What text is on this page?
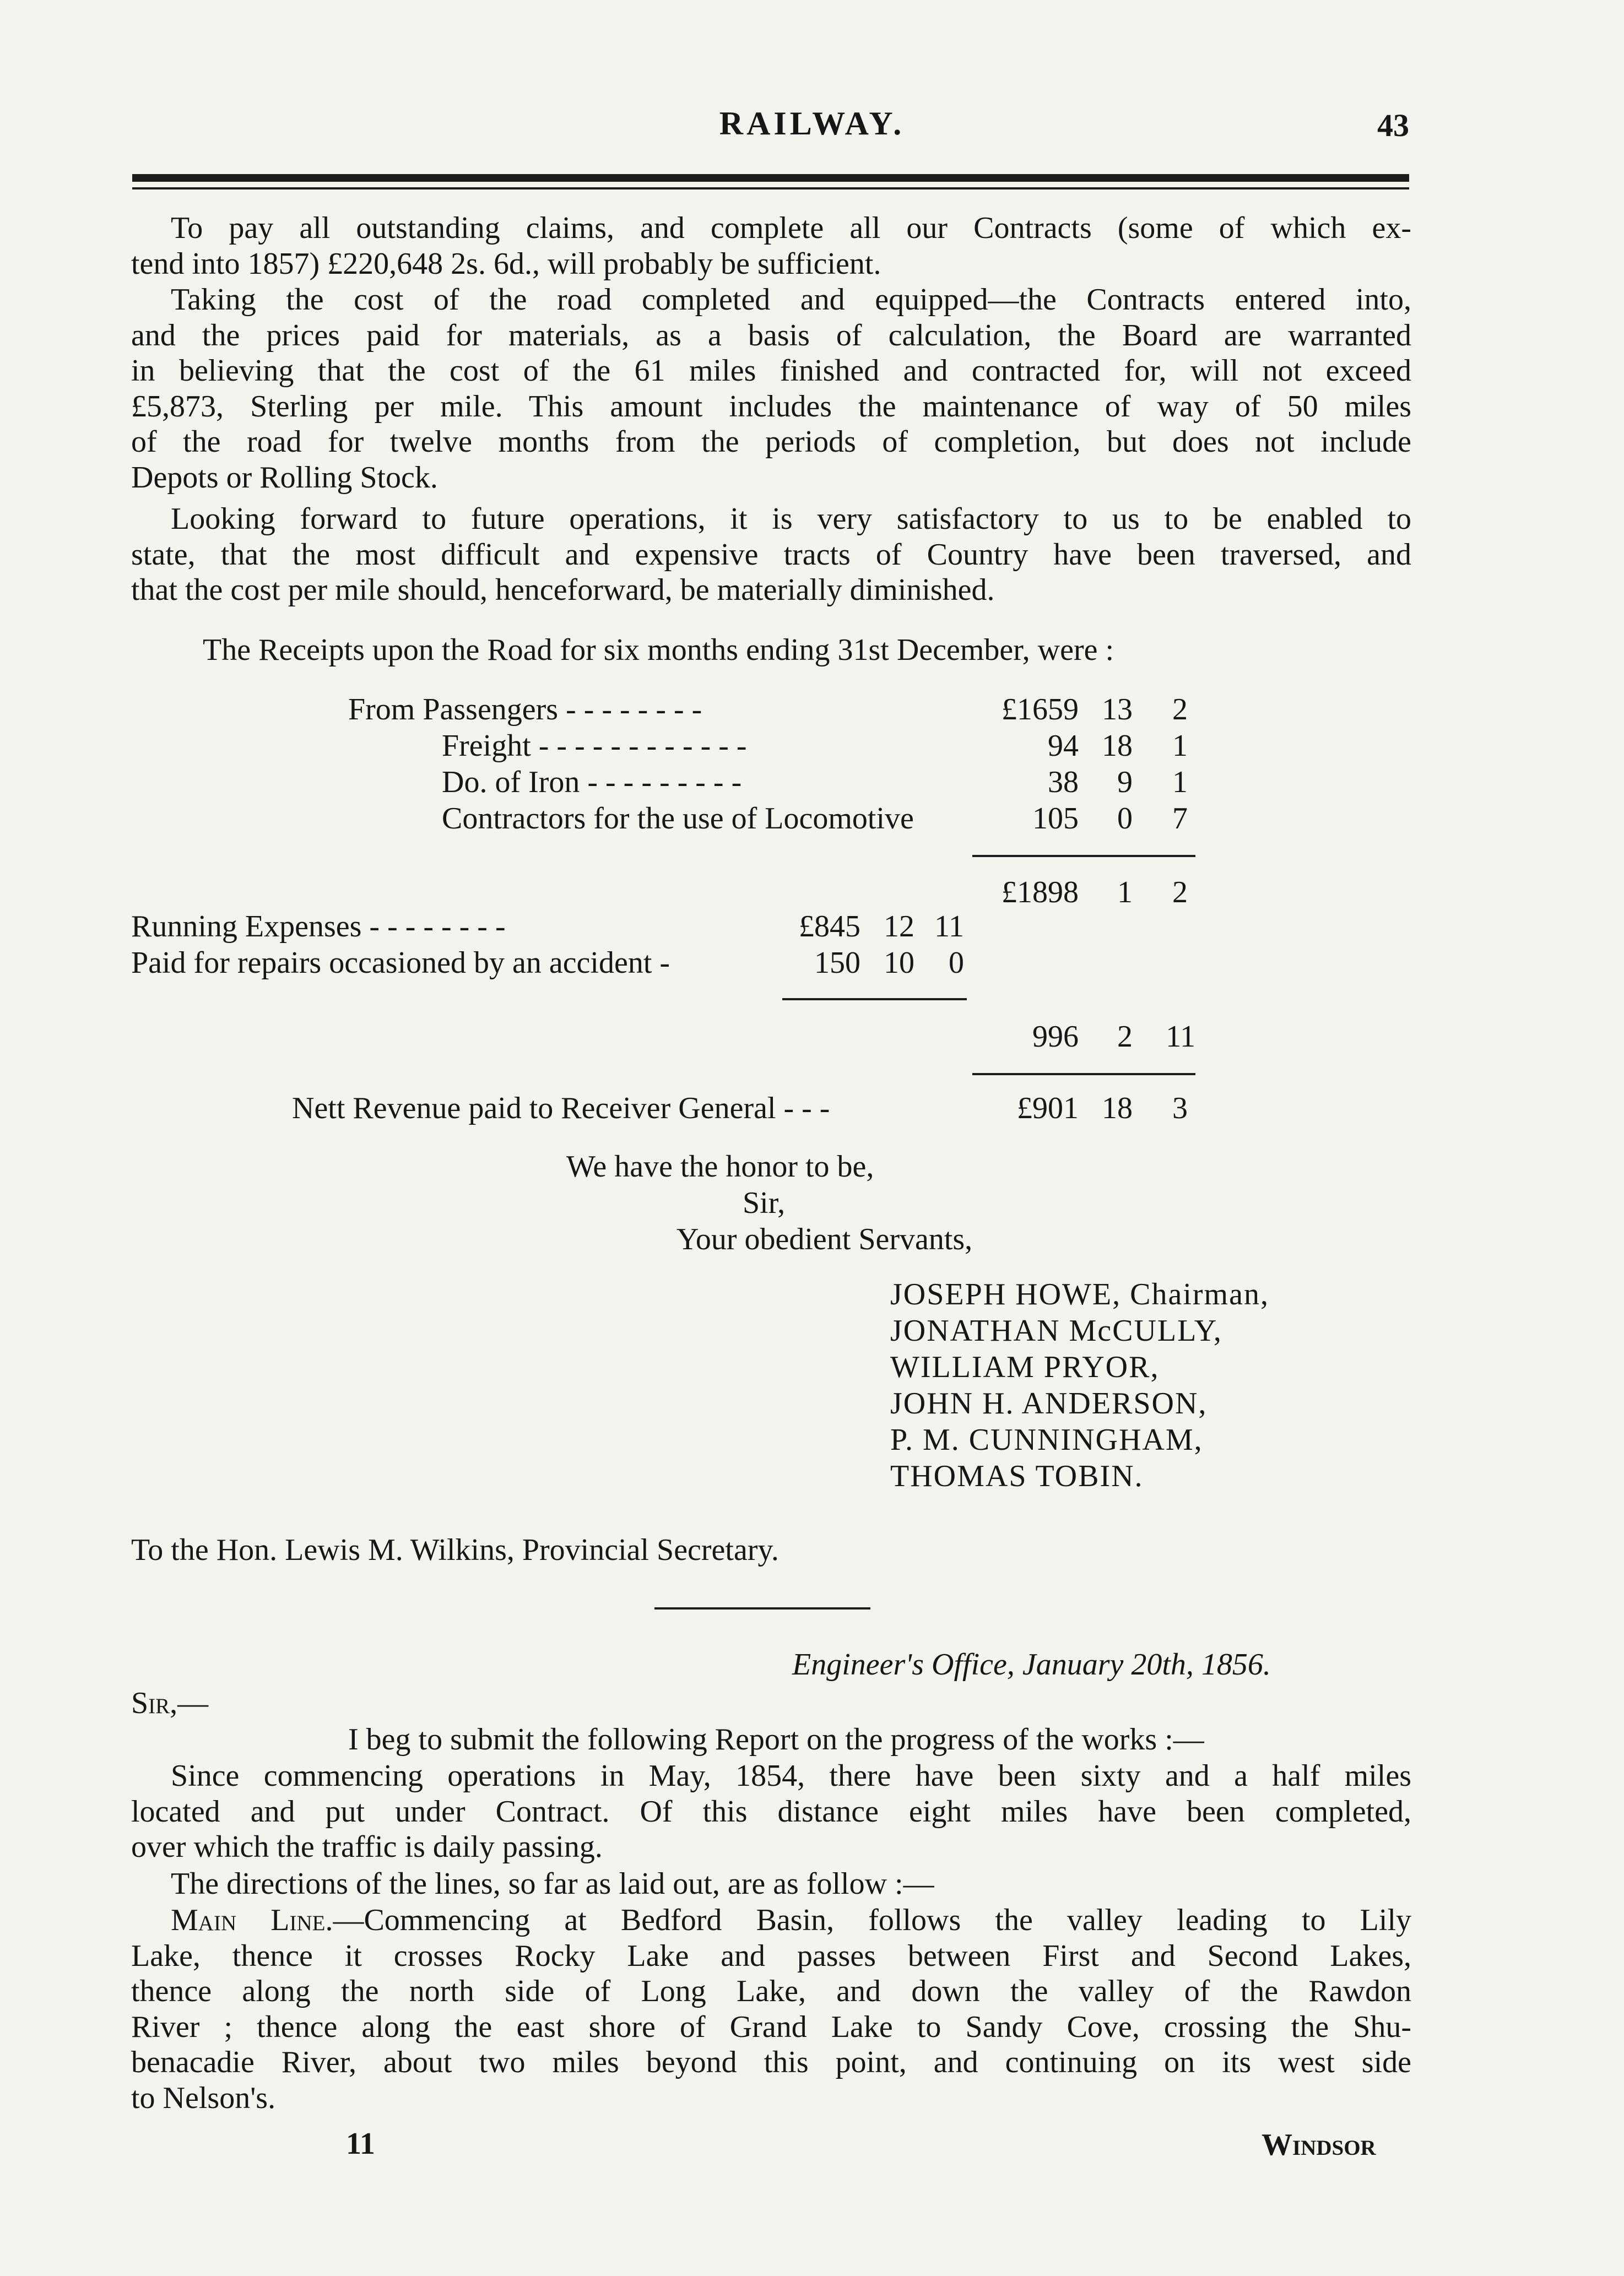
RAILWAY.	43
To pay all outstanding claims, and complete all our Contracts (some of which ex-
tend into 1857) £220,648 2s. 6d., will probably be sufficient.
Taking the cost of the road completed and equipped—the Contracts entered into,
and the prices paid for materials, as a basis of calculation, the Board are warranted
in believing that the cost of the 61 miles finished and contracted for, will not exceed
£5,873, Sterling per mile. This amount includes the maintenance of way of 50 miles
of the road for twelve months from the periods of completion, but does not include
Depots or Rolling Stock.
Looking forward to future operations, it is very satisfactory to us to be enabled to
state, that the most difficult and expensive tracts of Country have been traversed, and
that the cost per mile should, henceforward, be materially diminished.
The Receipts upon the Road for six months ending 31st December, were :
From Passengers - - - - - - - -	£1659 13	2
Freight - - - - - - - - - - - -	94 18	1
Do. of Iron - - - - - - - - -	38	9	1
Contractors for the use of Locomotive	105	0	7
£1898	1	2
Running Expenses - - - - - - - -	£845 12 11
Paid for repairs occasioned by an accident -	150 10	0
996	2	11
Nett Revenue paid to Receiver General - - -	£901 18	3
We have the honor to be,
Sir,
Your obedient Servants,
JOSEPH HOWE, Chairman,
JONATHAN McCULLY,
WILLIAM PRYOR,
JOHN H. ANDERSON,
P. M. CUNNINGHAM,
THOMAS TOBIN.
To the Hon. Lewis M. Wilkins, Provincial Secretary.
Engineer's Office, January 20th, 1856.
Sir,—
I beg to submit the following Report on the progress of the works :—
Since commencing operations in May, 1854, there have been sixty and a half miles
located and put under Contract. Of this distance eight miles have been completed,
over which the traffic is daily passing.
The directions of the lines, so far as laid out, are as follow :—
Main Line.—Commencing at Bedford Basin, follows the valley leading to Lily
Lake, thence it crosses Rocky Lake and passes between First and Second Lakes,
thence along the north side of Long Lake, and down the valley of the Rawdon
River ; thence along the east shore of Grand Lake to Sandy Cove, crossing the Shu-
benacadie River, about two miles beyond this point, and continuing on its west side
to Nelson's.
11	Windsor
